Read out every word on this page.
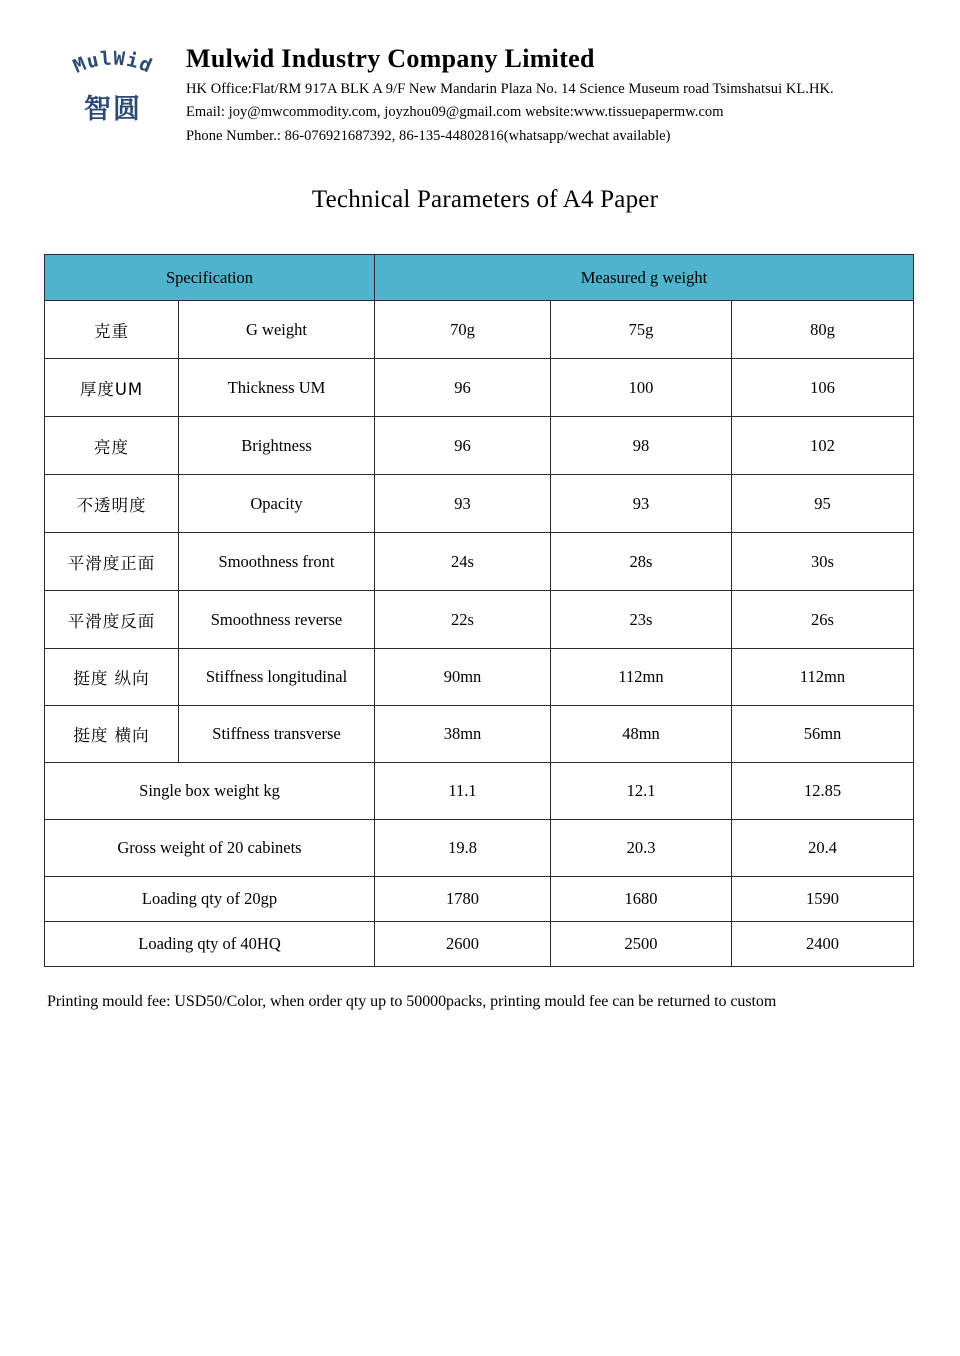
MulWid
智圆
Mulwid Industry Company Limited
HK Office:Flat/RM 917A BLK A 9/F New Mandarin Plaza No. 14 Science Museum road Tsimshatsui KL.HK.
Email: joy@mwcommodity.com, joyzhou09@gmail.com website:www.tissuepapermw.com
Phone Number.: 86-076921687392, 86-135-44802816(whatsapp/wechat available)
Technical Parameters of A4 Paper
Specification		Measured g weight		
克重	G weight	70g	75g	80g
厚度UM	Thickness UM	96	100	106
亮度	Brightness	96	98	102
不透明度	Opacity	93	93	95
平滑度正面	Smoothness front	24s	28s	30s
平滑度反面	Smoothness reverse	22s	23s	26s
挺度 纵向	Stiffness longitudinal	90mn	112mn	112mn
挺度 横向	Stiffness transverse	38mn	48mn	56mn
Single box weight kg		11.1	12.1	12.85
Gross weight of 20 cabinets		19.8	20.3	20.4
Loading qty of 20gp		1780	1680	1590
Loading qty of 40HQ		2600	2500	2400
Printing mould fee: USD50/Color, when order qty up to 50000packs, printing mould fee can be returned to custom
